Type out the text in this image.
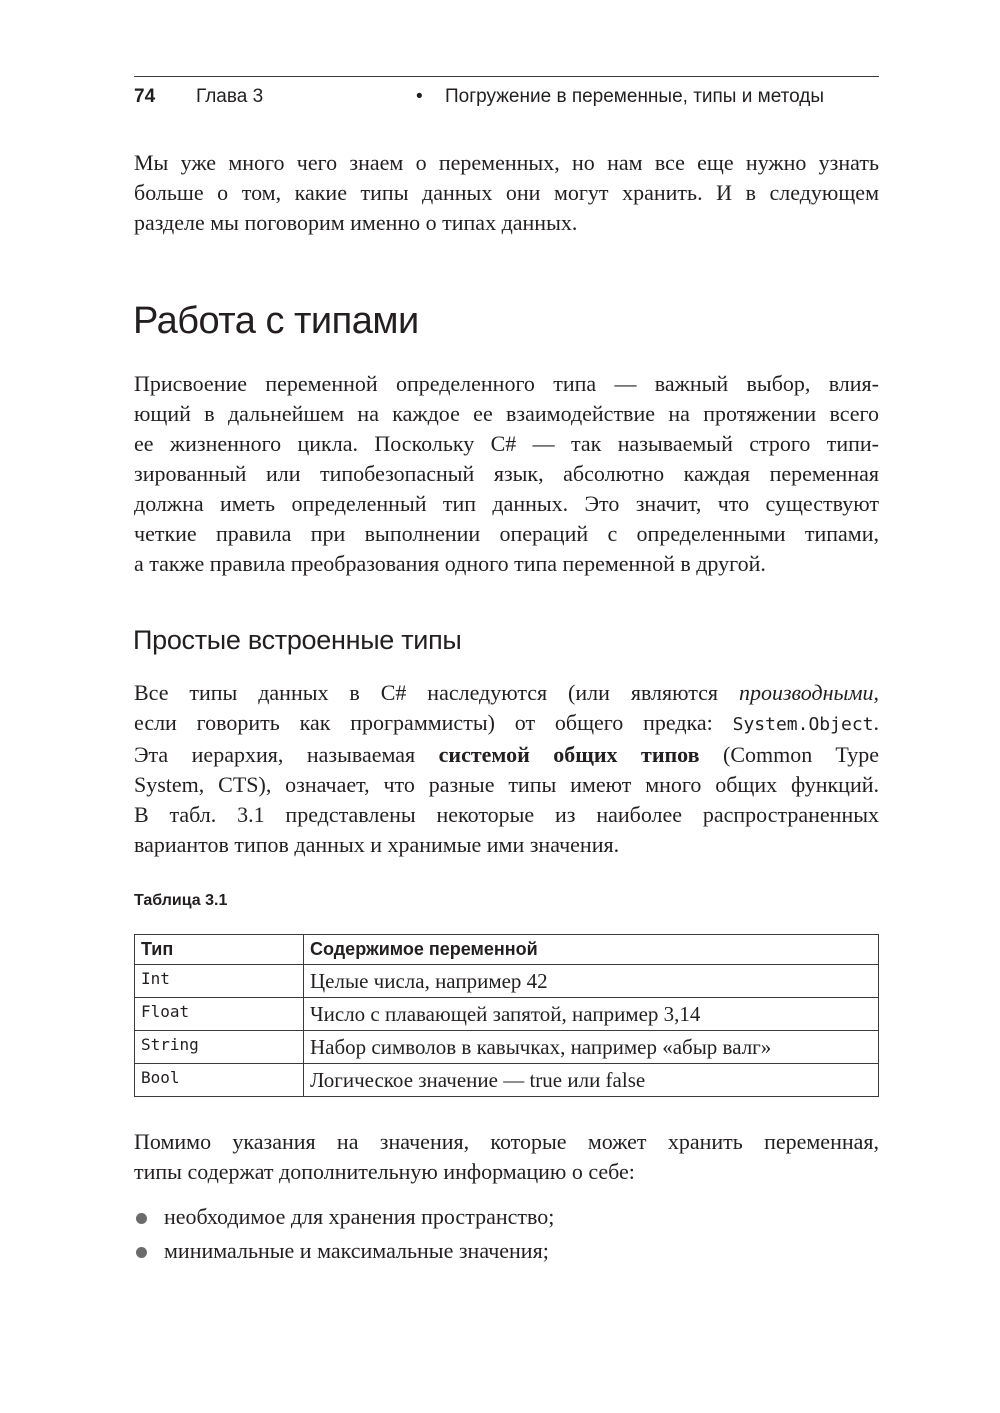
74 Глава 3	• Погружение в переменные, типы и методы

Мы уже много чего знаем о переменных, но нам все еще нужно узнать
больше о том, какие типы данных они могут хранить. И в следующем
разделе мы поговорим именно о типах данных.

Работа с типами

Присвоение переменной определенного типа — важный выбор, влия-
ющий в дальнейшем на каждое ее взаимодействие на протяжении всего
ее жизненного цикла. Поскольку C# — так называемый строго типи-
зированный или типобезопасный язык, абсолютно каждая переменная
должна иметь определенный тип данных. Это значит, что существуют
четкие правила при выполнении операций с определенными типами,
а также правила преобразования одного типа переменной в другой.

Простые встроенные типы

Все типы данных в C# наследуются (или являются производными,
если говорить как программисты) от общего предка: System.Object.
Эта иерархия, называемая системой общих типов (Common Type
System, CTS), означает, что разные типы имеют много общих функций.
В табл. 3.1 представлены некоторые из наиболее распространенных
вариантов типов данных и хранимые ими значения.

Таблица 3.1
Тип	Содержимое переменной
Int	Целые числа, например 42
Float	Число с плавающей запятой, например 3,14
String	Набор символов в кавычках, например «абыр валг»
Bool	Логическое значение — true или false

Помимо указания на значения, которые может хранить переменная,
типы содержат дополнительную информацию о себе:

необходимое для хранения пространство;
минимальные и максимальные значения;
